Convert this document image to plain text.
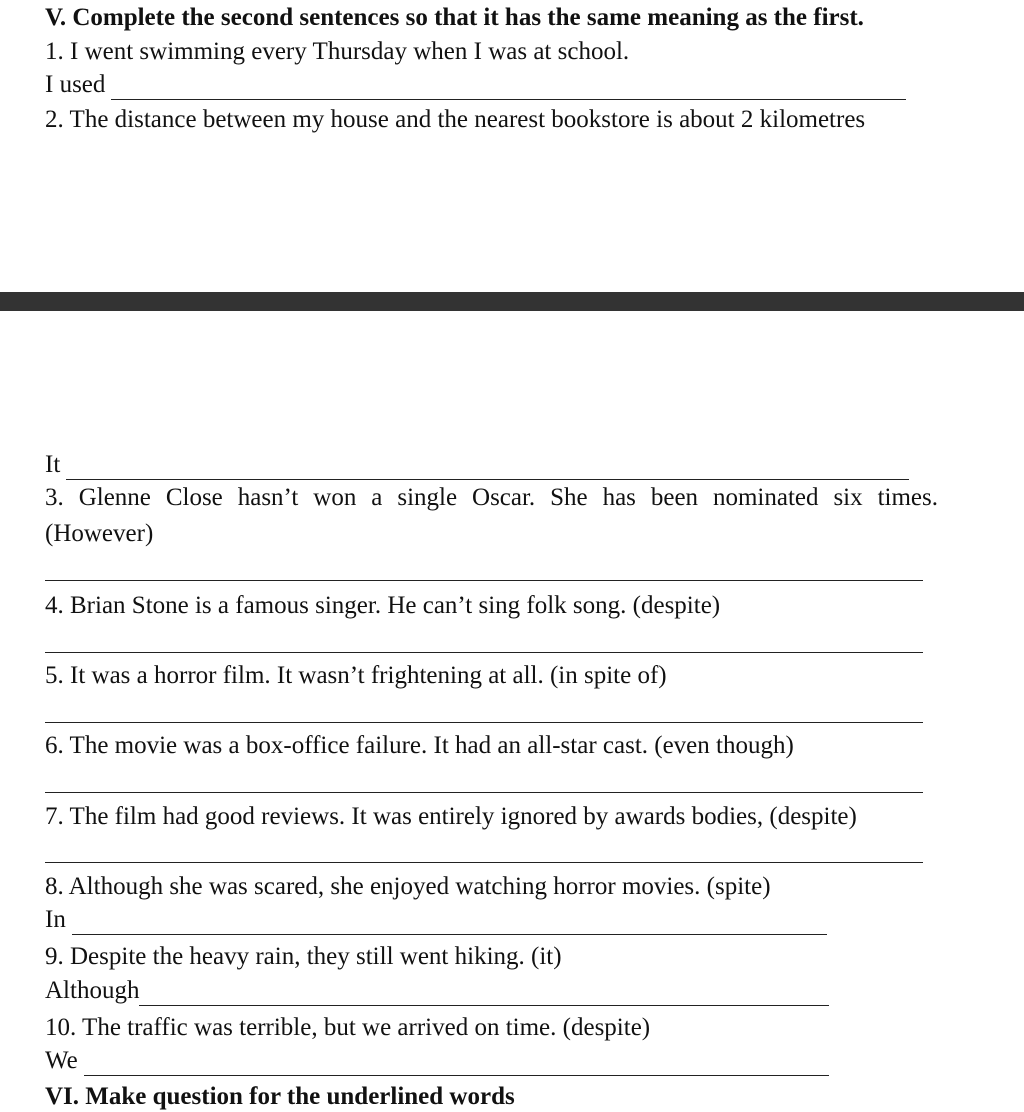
V. Complete the second sentences so that it has the same meaning as the first.
1. I went swimming every Thursday when I was at school.
I used
2. The distance between my house and the nearest bookstore is about 2 kilometres
It
3. Glenne Close hasn’t won a single Oscar. She has been nominated six times. (However)
4. Brian Stone is a famous singer. He can’t sing folk song. (despite)
5. It was a horror film. It wasn’t frightening at all. (in spite of)
6. The movie was a box-office failure. It had an all-star cast. (even though)
7. The film had good reviews. It was entirely ignored by awards bodies, (despite)
8. Although she was scared, she enjoyed watching horror movies. (spite)
In
9. Despite the heavy rain, they still went hiking. (it)
Although
10. The traffic was terrible, but we arrived on time. (despite)
We
VI. Make question for the underlined words
